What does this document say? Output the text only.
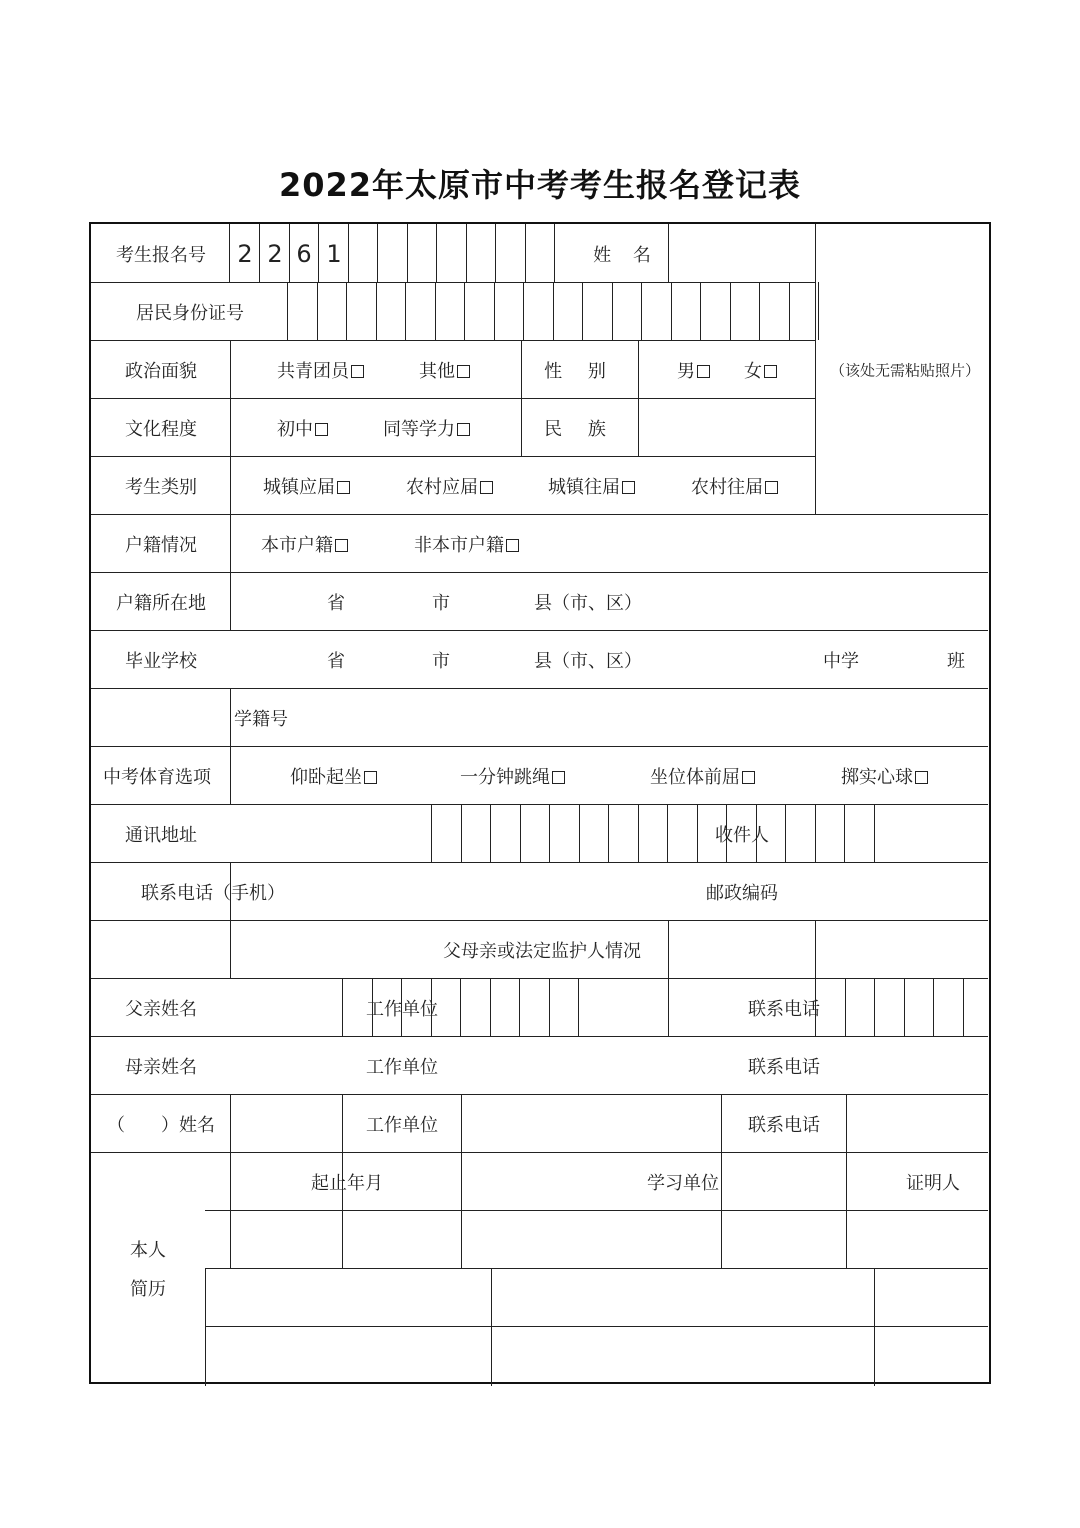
2022年太原市中考考生报名登记表
考生报名号 2 2 6 1	姓 名
居民身份证号
（该处无需粘贴照片）
政治面貌	共青团员	其他	性 别	男	女
文化程度	初中	同等学力	民 族
考生类别	城镇应届	农村应届	城镇往届	农村往届
户籍情况	本市户籍	非本市户籍
户籍所在地	省	市	县（市、区）
毕业学校	省	市	县（市、区）	中学	班
学籍号
中考体育选项	仰卧起坐	一分钟跳绳	坐位体前屈	掷实心球
通讯地址	收件人
联系电话（手机）	邮政编码
父母亲或法定监护人情况
父亲姓名	工作单位	联系电话
母亲姓名	工作单位	联系电话
（　　）姓名	工作单位	联系电话
本人
简历
起止年月	学习单位	证明人
